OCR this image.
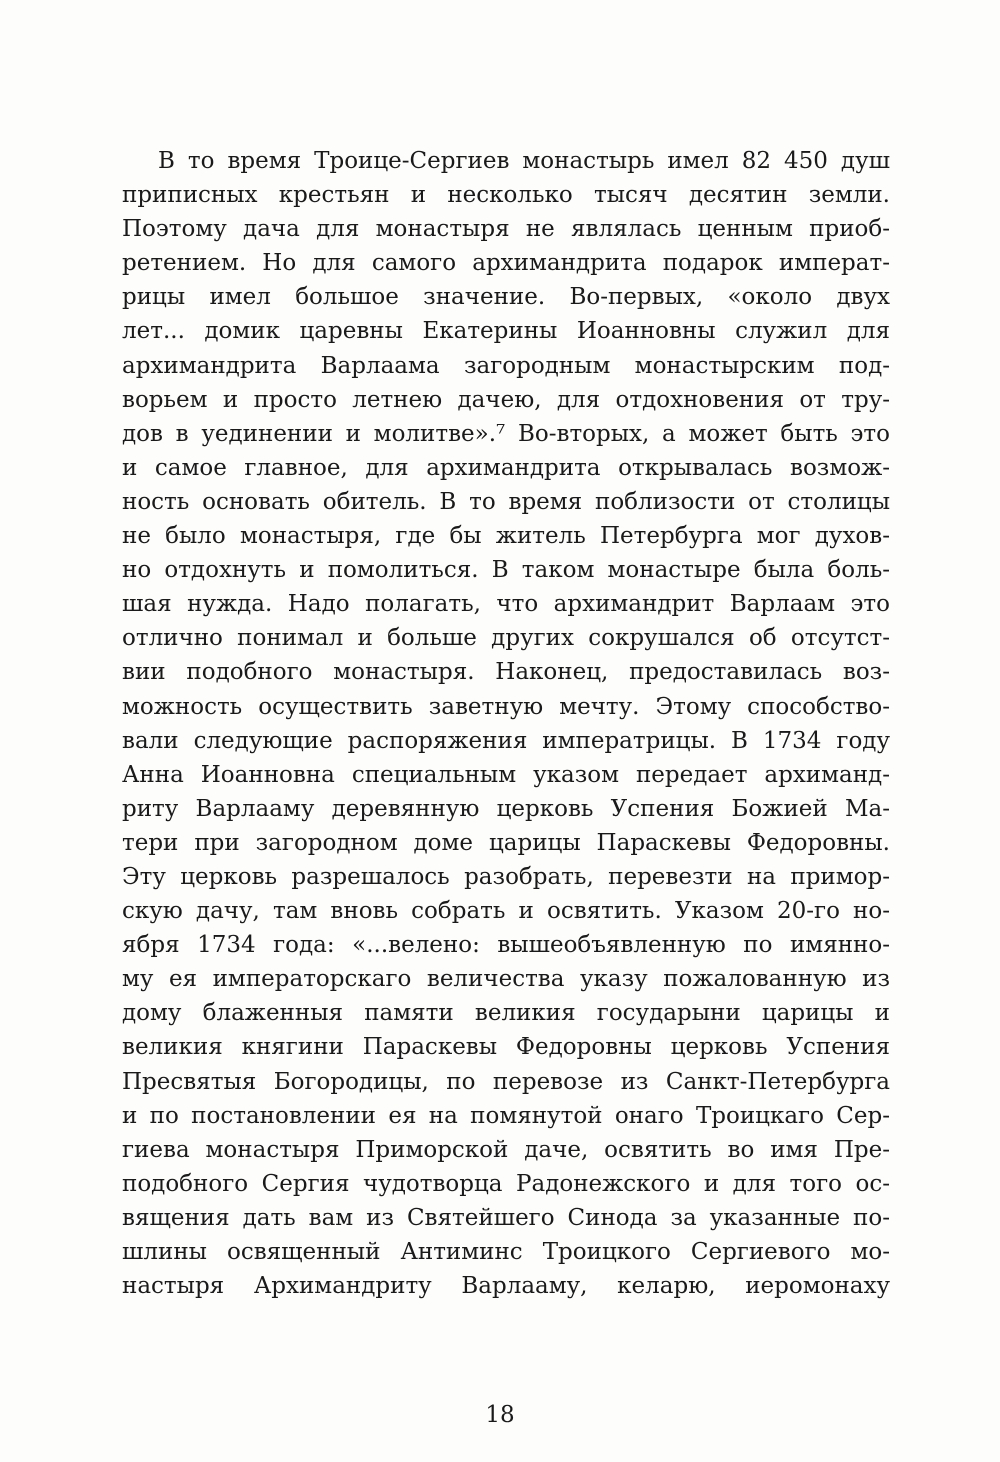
В то время Троице-Сергиев монастырь имел 82 450 душ
приписных крестьян и несколько тысяч десятин земли.
Поэтому дача для монастыря не являлась ценным приоб-
ретением. Но для самого архимандрита подарок императ-
рицы имел большое значение. Во-первых, «около двух
лет... домик царевны Екатерины Иоанновны служил для
архимандрита Варлаама загородным монастырским под-
ворьем и просто летнею дачею, для отдохновения от тру-
дов в уединении и молитве».⁷ Во-вторых, а может быть это
и самое главное, для архимандрита открывалась возмож-
ность основать обитель. В то время поблизости от столицы
не было монастыря, где бы житель Петербурга мог духов-
но отдохнуть и помолиться. В таком монастыре была боль-
шая нужда. Надо полагать, что архимандрит Варлаам это
отлично понимал и больше других сокрушался об отсутст-
вии подобного монастыря. Наконец, предоставилась воз-
можность осуществить заветную мечту. Этому способство-
вали следующие распоряжения императрицы. В 1734 году
Анна Иоанновна специальным указом передает архиманд-
риту Варлааму деревянную церковь Успения Божией Ма-
тери при загородном доме царицы Параскевы Федоровны.
Эту церковь разрешалось разобрать, перевезти на примор-
скую дачу, там вновь собрать и освятить. Указом 20-го но-
ября 1734 года: «...велено: вышеобъявленную по имянно-
му ея императорскаго величества указу пожалованную из
дому блаженныя памяти великия государыни царицы и
великия княгини Параскевы Федоровны церковь Успения
Пресвятыя Богородицы, по перевозе из Санкт-Петербурга
и по постановлении ея на помянутой онаго Троицкаго Сер-
гиева монастыря Приморской даче, освятить во имя Пре-
подобного Сергия чудотворца Радонежского и для того ос-
вящения дать вам из Святейшего Синода за указанные по-
шлины освященный Антиминс Троицкого Сергиевого мо-
настыря Архимандриту Варлааму, келарю, иеромонаху
18
